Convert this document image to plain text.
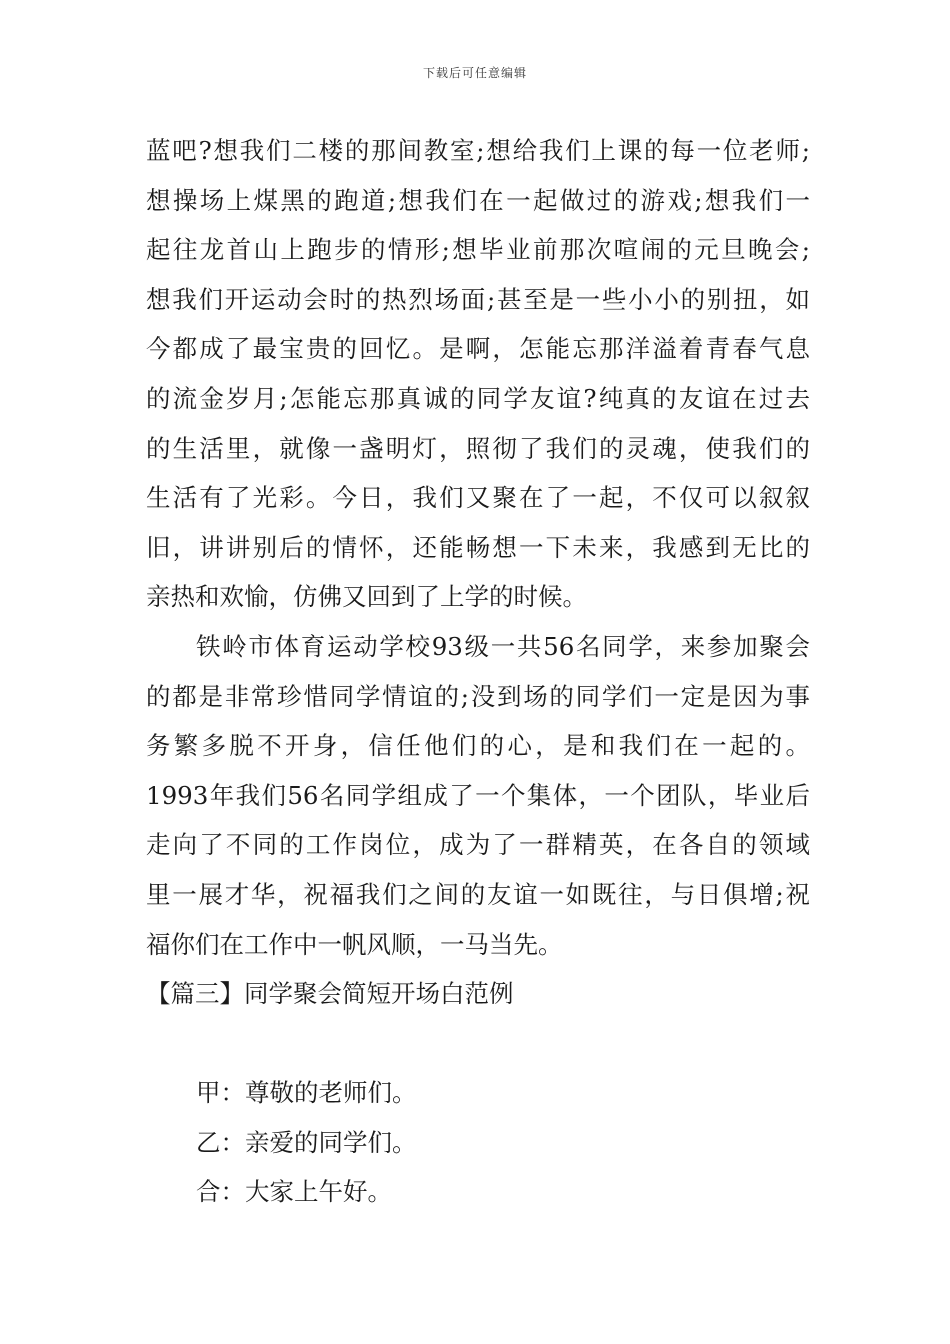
下载后可任意编辑
蓝吧?想我们二楼的那间教室;想给我们上课的每一位老师;
想操场上煤黑的跑道;想我们在一起做过的游戏;想我们一
起往龙首山上跑步的情形;想毕业前那次喧闹的元旦晚会;
想我们开运动会时的热烈场面;甚至是一些小小的别扭，如
今都成了最宝贵的回忆。是啊，怎能忘那洋溢着青春气息
的流金岁月;怎能忘那真诚的同学友谊?纯真的友谊在过去
的生活里，就像一盏明灯，照彻了我们的灵魂，使我们的
生活有了光彩。今日，我们又聚在了一起，不仅可以叙叙
旧，讲讲别后的情怀，还能畅想一下未来，我感到无比的
亲热和欢愉，仿佛又回到了上学的时候。
铁岭市体育运动学校93级一共56名同学，来参加聚会
的都是非常珍惜同学情谊的;没到场的同学们一定是因为事
务繁多脱不开身，信任他们的心，是和我们在一起的。
1993年我们56名同学组成了一个集体，一个团队，毕业后
走向了不同的工作岗位，成为了一群精英，在各自的领域
里一展才华，祝福我们之间的友谊一如既往，与日俱增;祝
福你们在工作中一帆风顺，一马当先。
【篇三】同学聚会简短开场白范例
甲：尊敬的老师们。
乙：亲爱的同学们。
合：大家上午好。
